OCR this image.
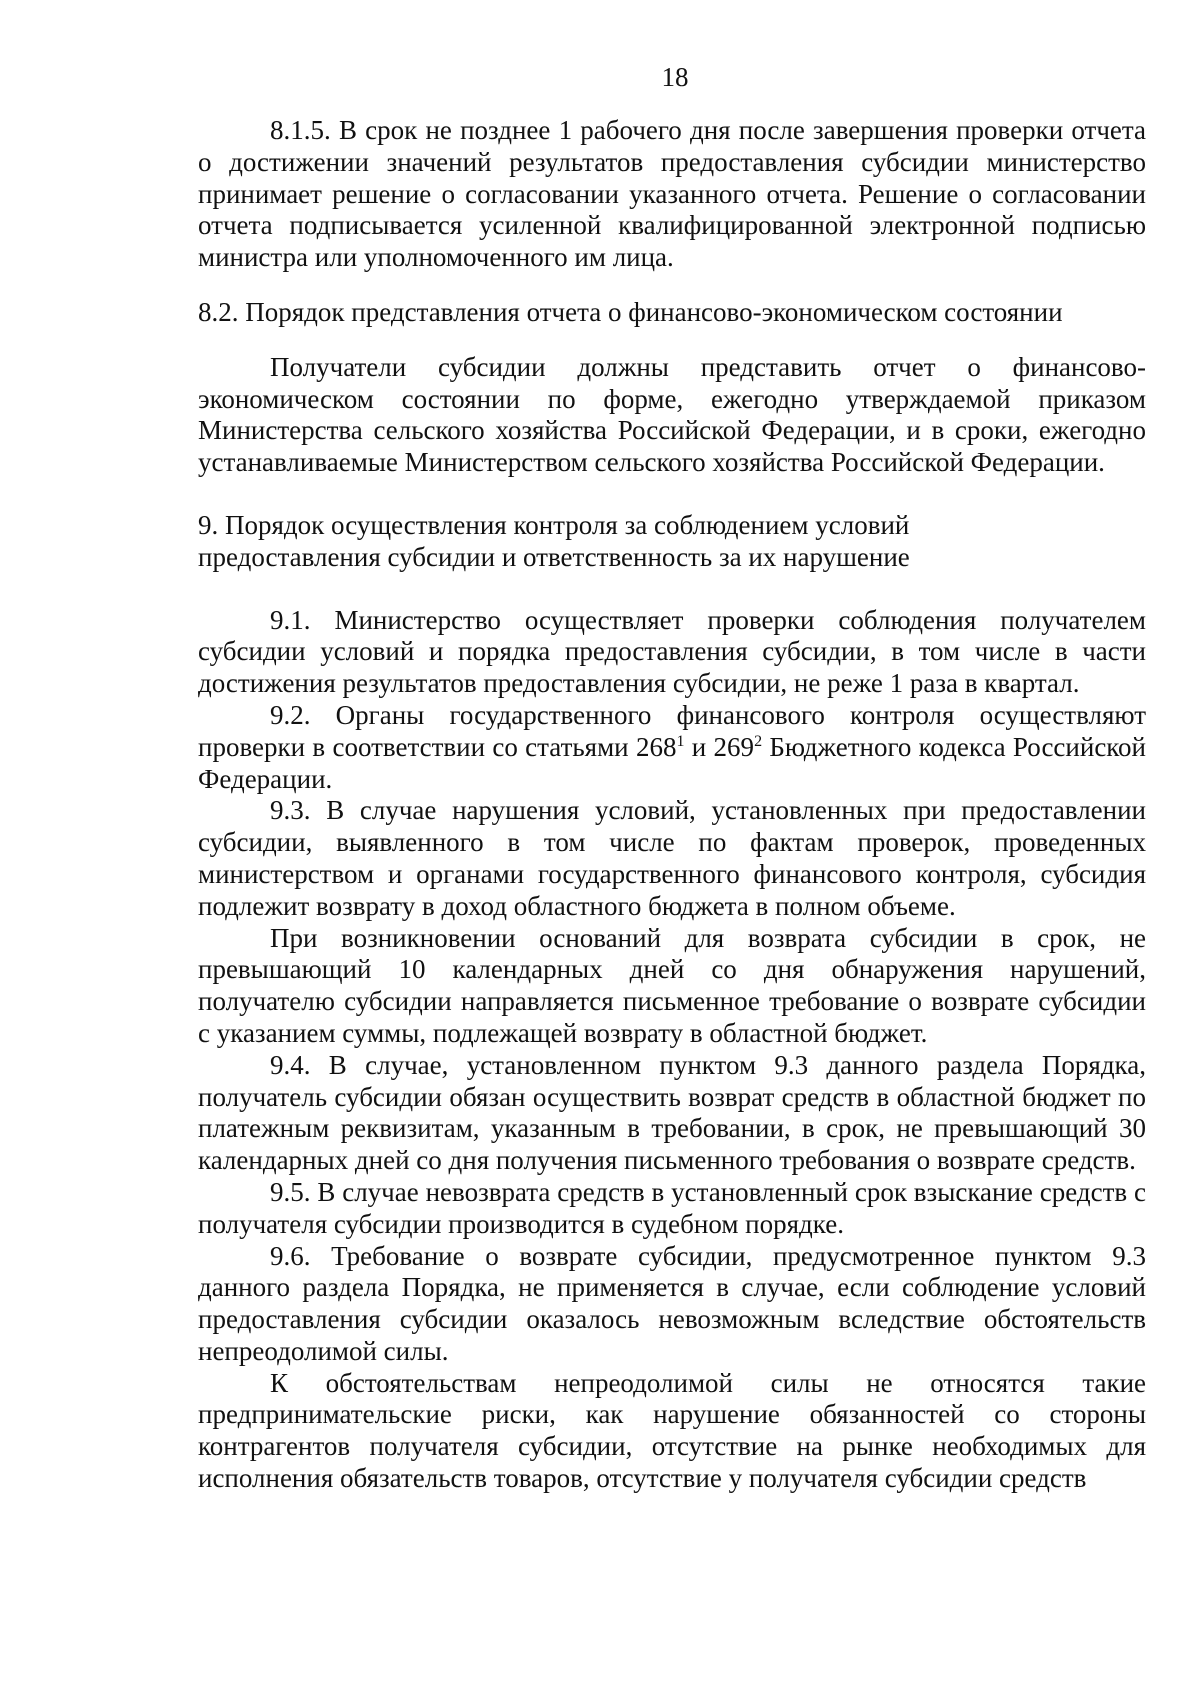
18

8.1.5. В срок не позднее 1 рабочего дня после завершения проверки отчета о достижении значений результатов предоставления субсидии министерство принимает решение о согласовании указанного отчета. Решение о согласовании отчета подписывается усиленной квалифицированной электронной подписью министра или уполномоченного им лица.

8.2. Порядок представления отчета о финансово-экономическом состоянии

Получатели субсидии должны представить отчет о финансово-экономическом состоянии по форме, ежегодно утверждаемой приказом Министерства сельского хозяйства Российской Федерации, и в сроки, ежегодно устанавливаемые Министерством сельского хозяйства Российской Федерации.

9. Порядок осуществления контроля за соблюдением условий

предоставления субсидии и ответственность за их нарушение

9.1. Министерство осуществляет проверки соблюдения получателем субсидии условий и порядка предоставления субсидии, в том числе в части достижения результатов предоставления субсидии, не реже 1 раза в квартал.

9.2. Органы государственного финансового контроля осуществляют проверки в соответствии со статьями $268^1$ и $269^2$ Бюджетного кодекса Российской Федерации.

9.3. В случае нарушения условий, установленных при предоставлении субсидии, выявленного в том числе по фактам проверок, проведенных министерством и органами государственного финансового контроля, субсидия подлежит возврату в доход областного бюджета в полном объеме.

При возникновении оснований для возврата субсидии в срок, не превышающий 10 календарных дней со дня обнаружения нарушений, получателю субсидии направляется письменное требование о возврате субсидии с указанием суммы, подлежащей возврату в областной бюджет.

9.4. В случае, установленном пунктом 9.3 данного раздела Порядка, получатель субсидии обязан осуществить возврат средств в областной бюджет по платежным реквизитам, указанным в требовании, в срок, не превышающий 30 календарных дней со дня получения письменного требования о возврате средств.

9.5. В случае невозврата средств в установленный срок взыскание средств с получателя субсидии производится в судебном порядке.

9.6. Требование о возврате субсидии, предусмотренное пунктом 9.3 данного раздела Порядка, не применяется в случае, если соблюдение условий предоставления субсидии оказалось невозможным вследствие обстоятельств непреодолимой силы.

К обстоятельствам непреодолимой силы не относятся такие предпринимательские риски, как нарушение обязанностей со стороны контрагентов получателя субсидии, отсутствие на рынке необходимых для исполнения обязательств товаров, отсутствие у получателя субсидии средств
